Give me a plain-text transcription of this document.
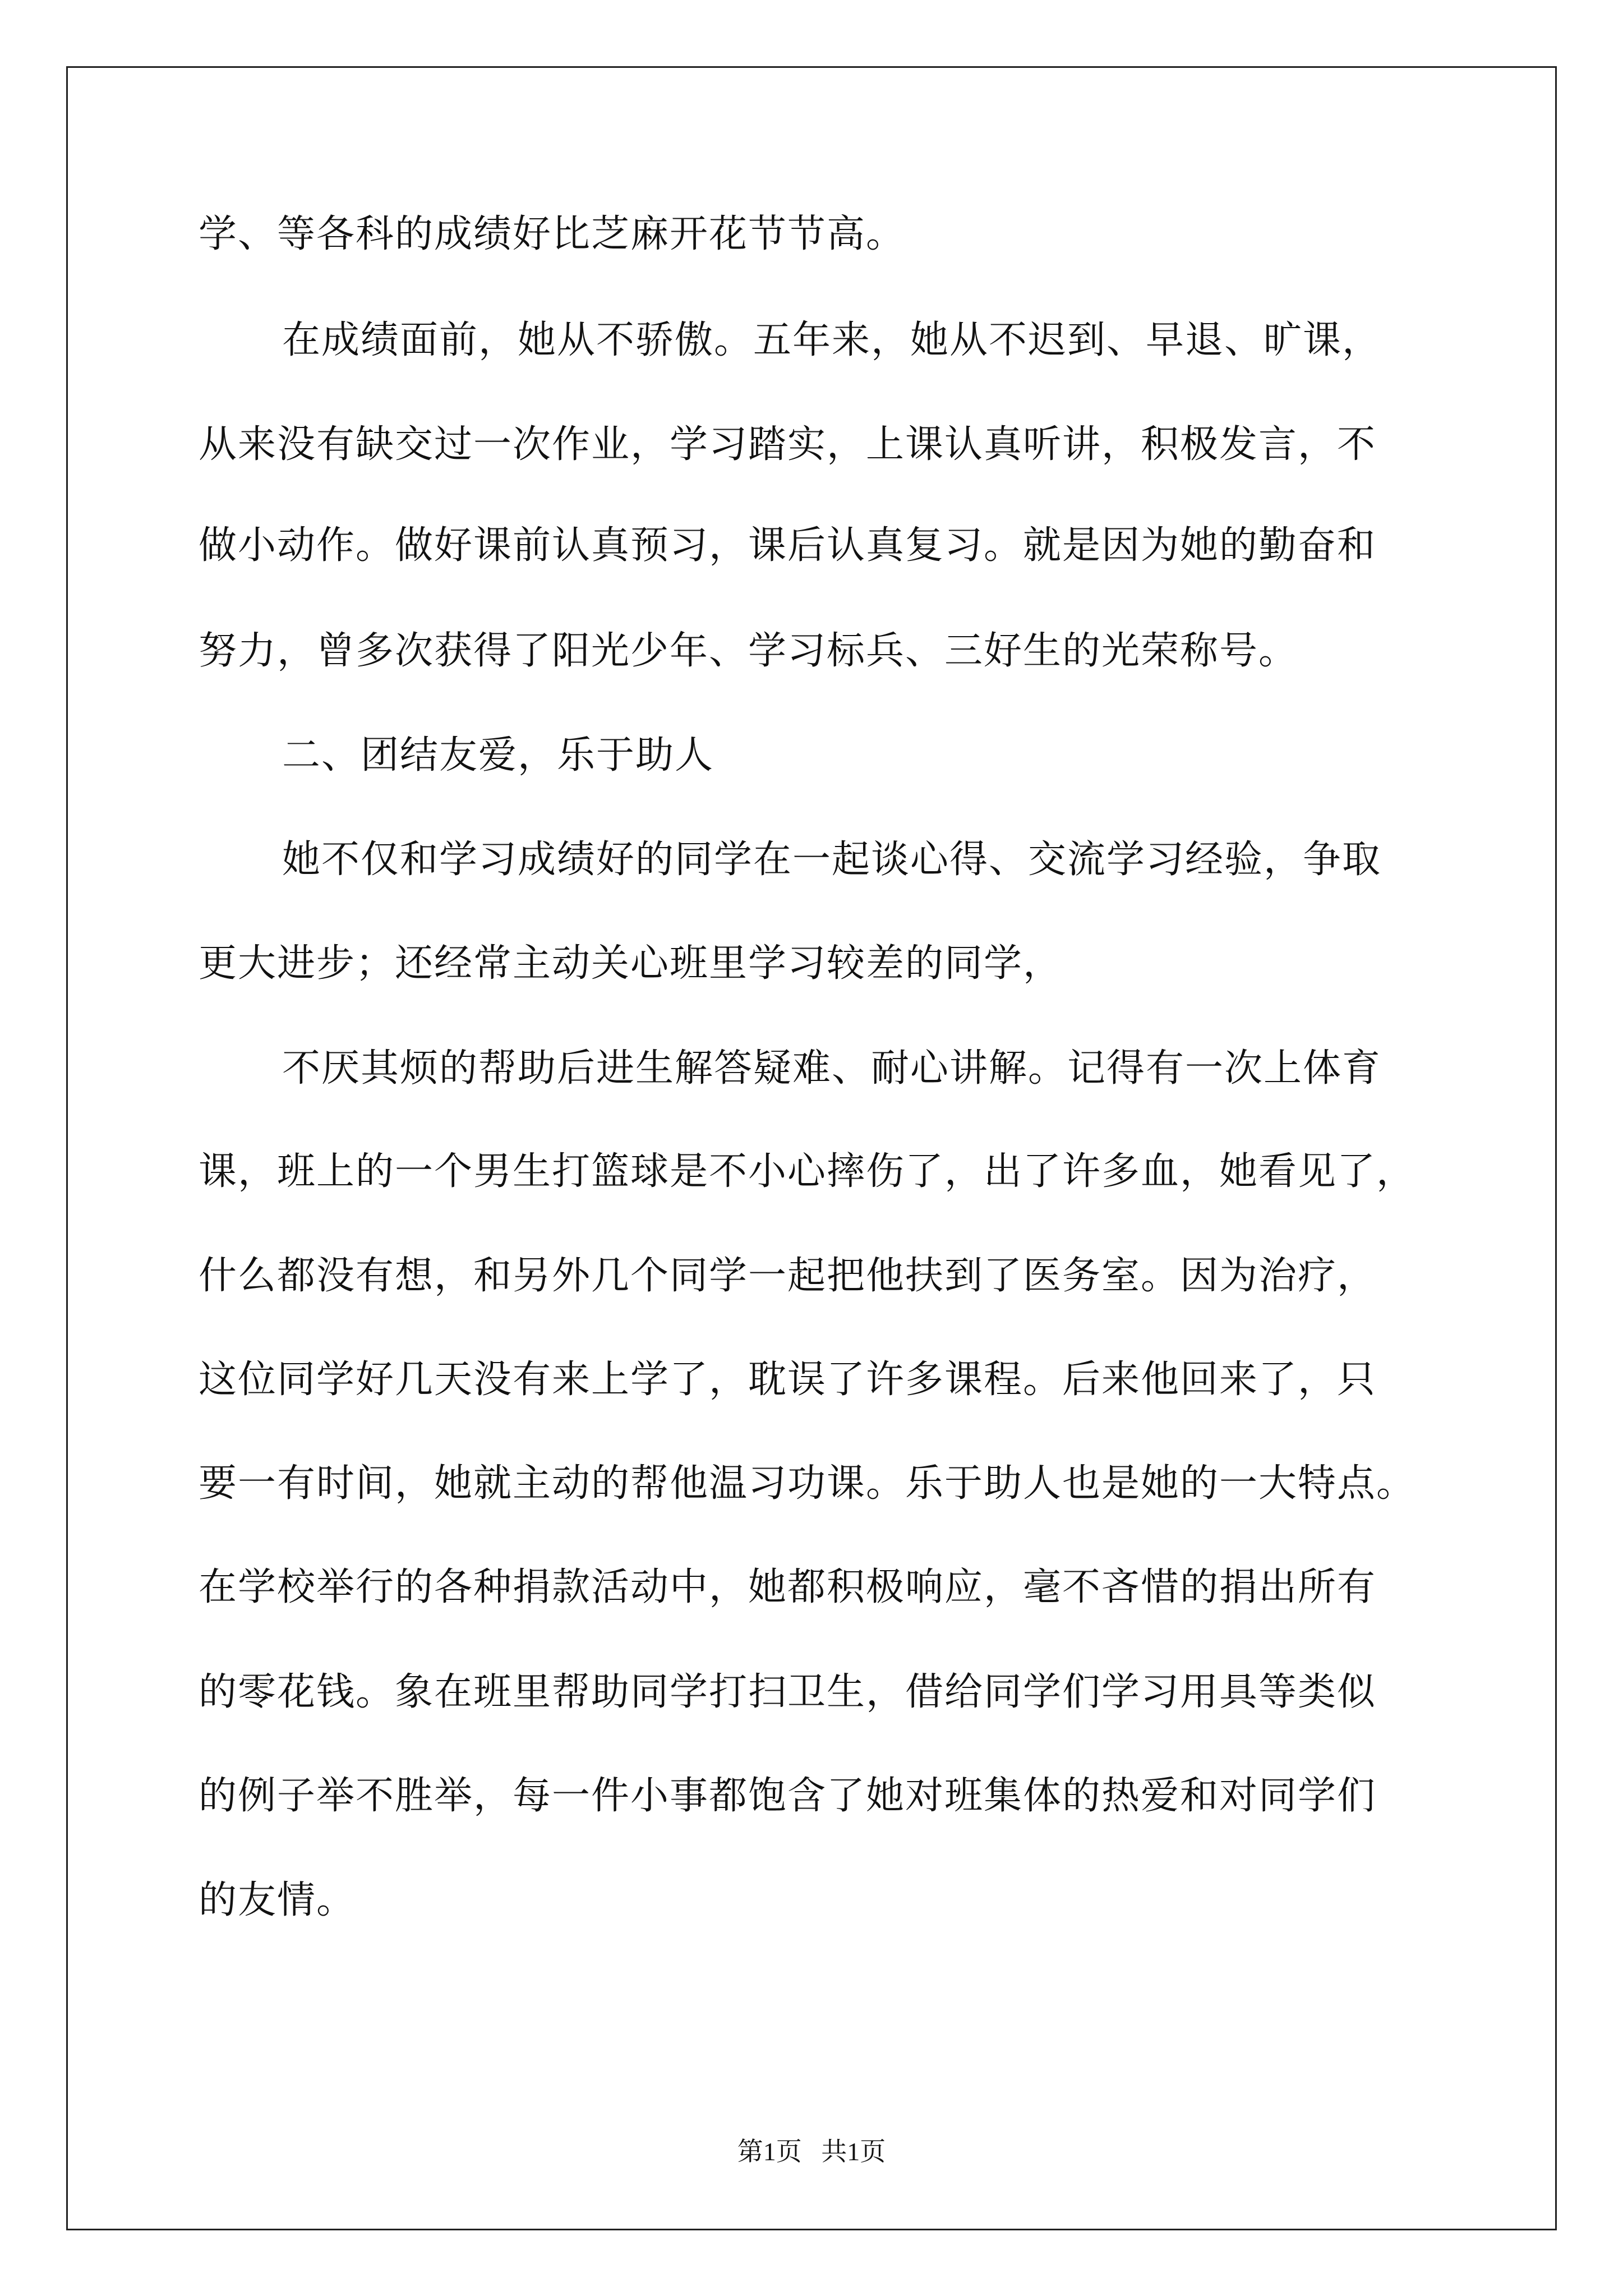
学、等各科的成绩好比芝麻开花节节高。
在成绩面前，她从不骄傲。五年来，她从不迟到、早退、旷课，
从来没有缺交过一次作业，学习踏实，上课认真听讲，积极发言，不
做小动作。做好课前认真预习，课后认真复习。就是因为她的勤奋和
努力，曾多次获得了阳光少年、学习标兵、三好生的光荣称号。
二、团结友爱，乐于助人
她不仅和学习成绩好的同学在一起谈心得、交流学习经验，争取
更大进步；还经常主动关心班里学习较差的同学，
不厌其烦的帮助后进生解答疑难、耐心讲解。记得有一次上体育
课，班上的一个男生打篮球是不小心摔伤了，出了许多血，她看见了，
什么都没有想，和另外几个同学一起把他扶到了医务室。因为治疗，
这位同学好几天没有来上学了，耽误了许多课程。后来他回来了，只
要一有时间，她就主动的帮他温习功课。乐于助人也是她的一大特点。
在学校举行的各种捐款活动中，她都积极响应，毫不吝惜的捐出所有
的零花钱。象在班里帮助同学打扫卫生，借给同学们学习用具等类似
的例子举不胜举，每一件小事都饱含了她对班集体的热爱和对同学们
的友情。
第1页   共1页
